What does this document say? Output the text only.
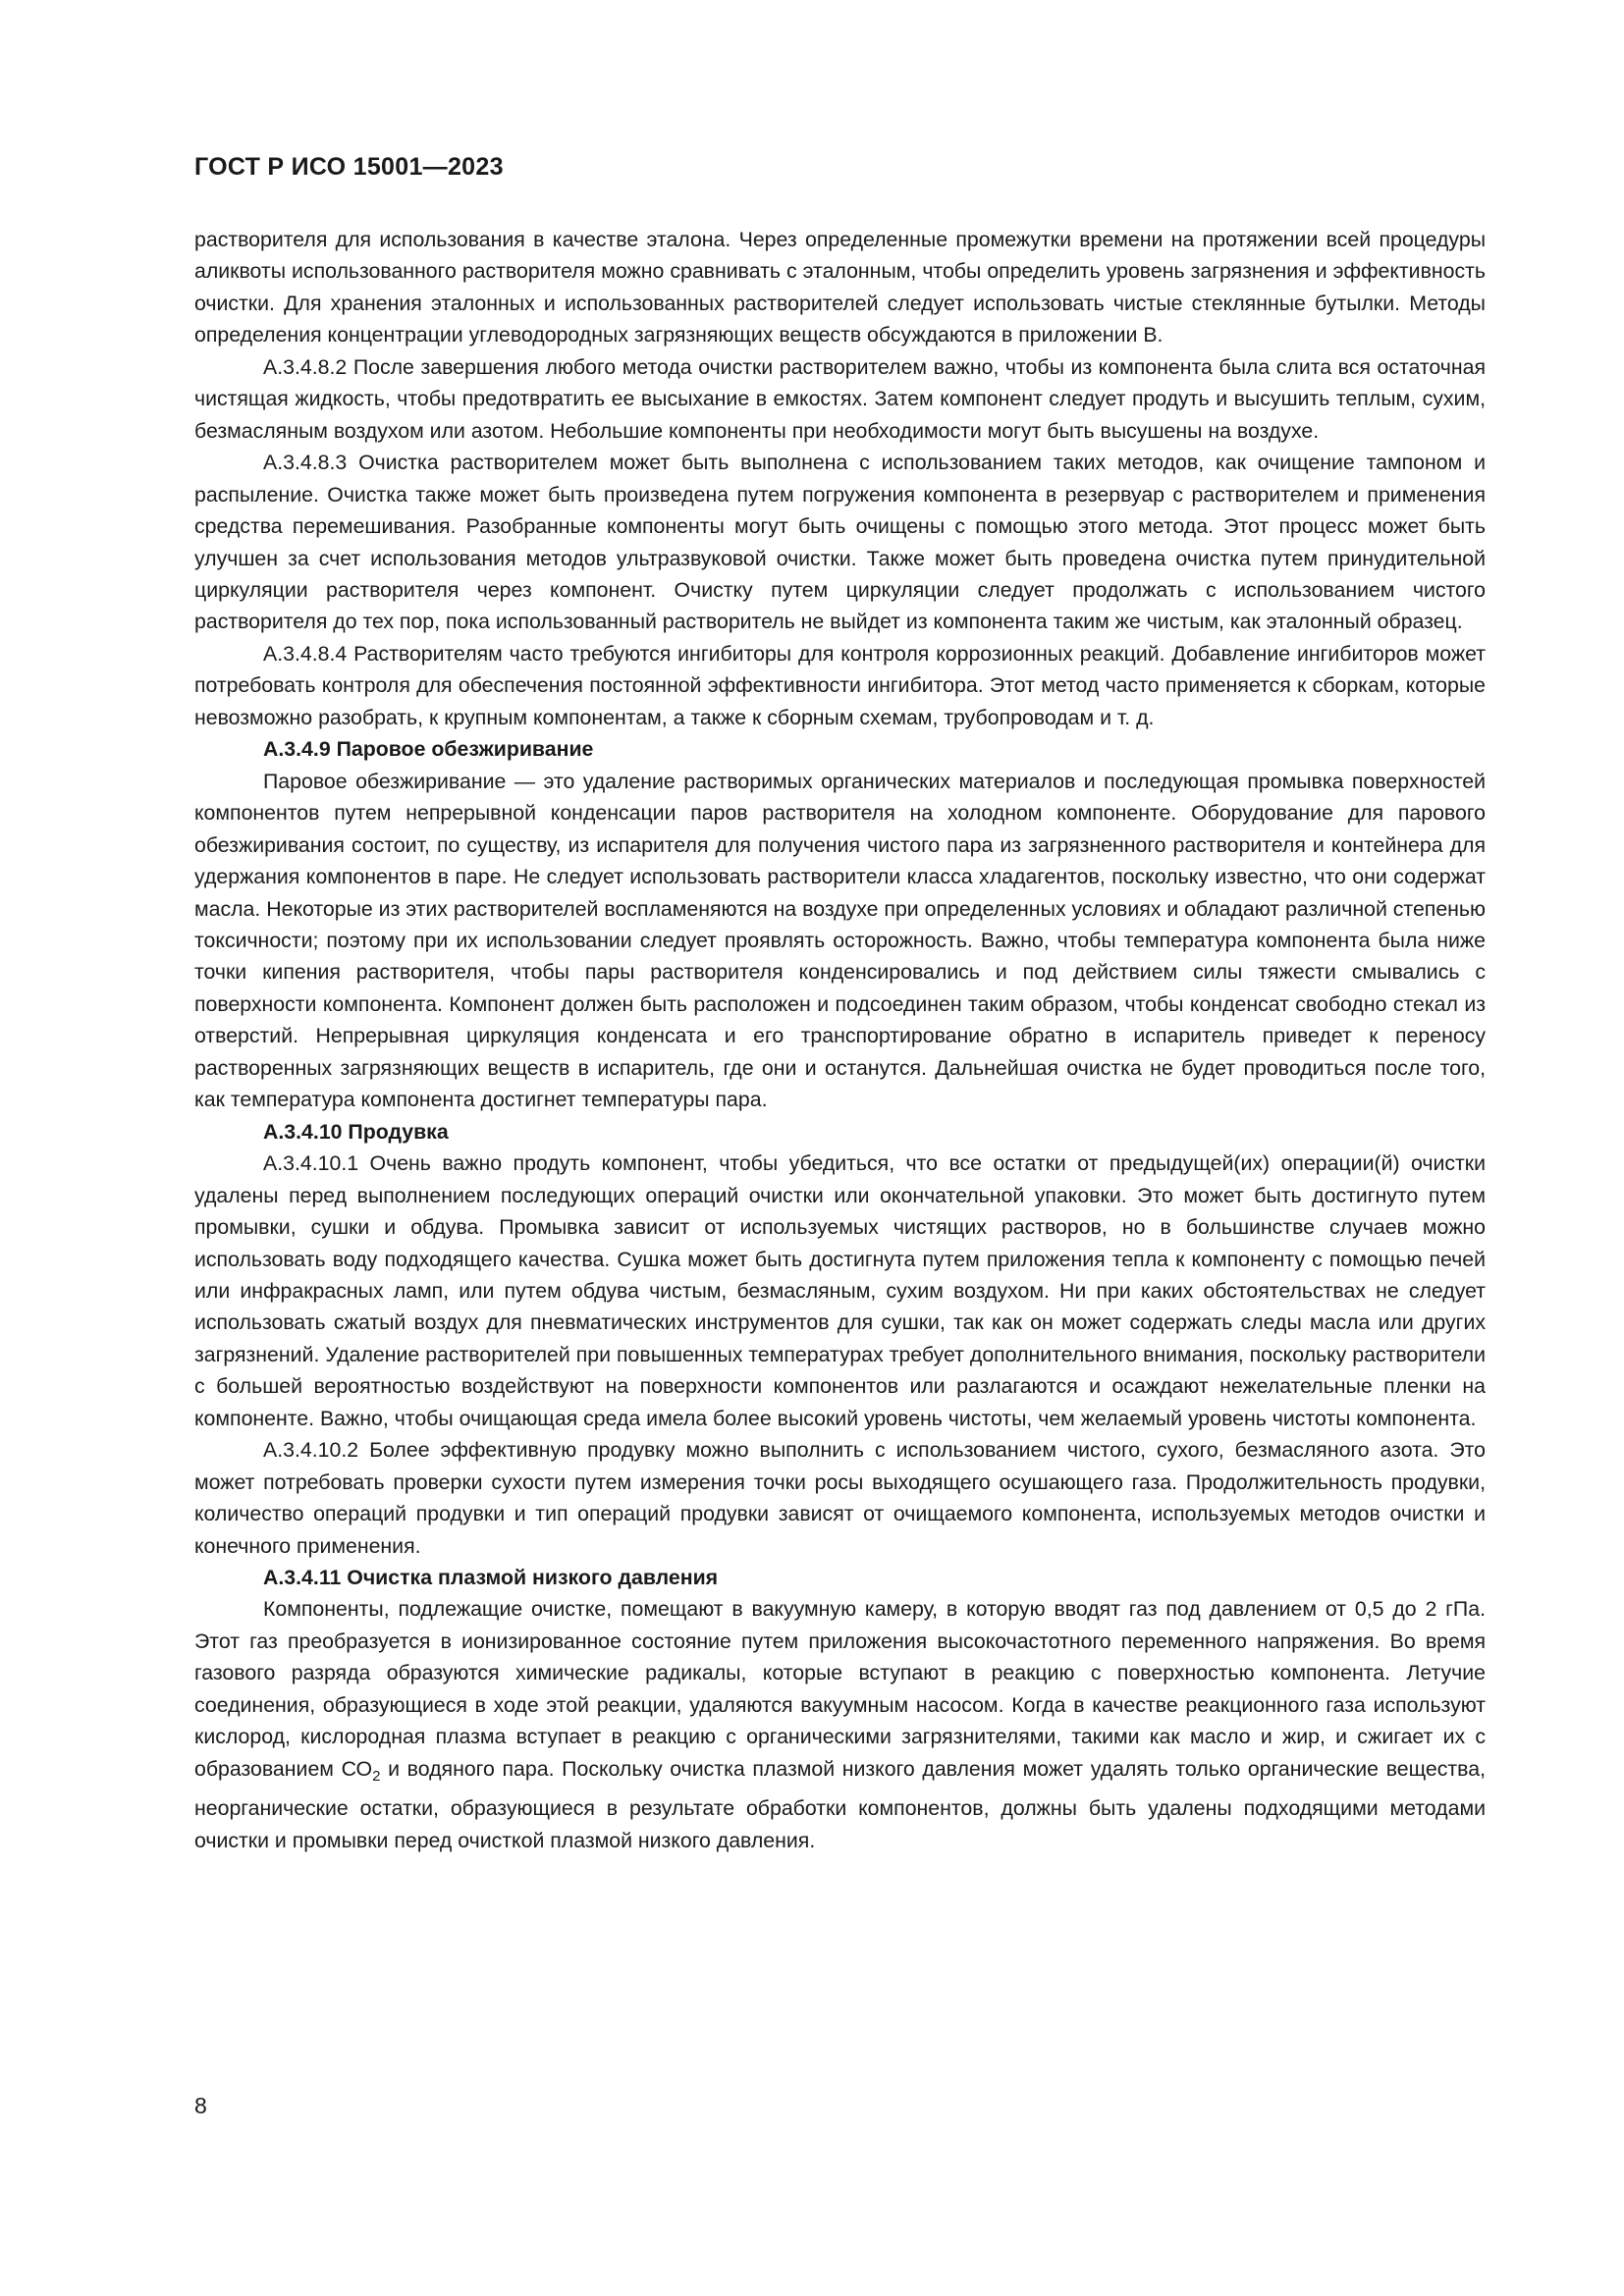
ГОСТ Р ИСО 15001—2023

растворителя для использования в качестве эталона. Через определенные промежутки времени на протяжении всей процедуры аликвоты использованного растворителя можно сравнивать с эталонным, чтобы определить уровень загрязнения и эффективность очистки. Для хранения эталонных и использованных растворителей следует использовать чистые стеклянные бутылки. Методы определения концентрации углеводородных загрязняющих веществ обсуждаются в приложении В.

А.3.4.8.2 После завершения любого метода очистки растворителем важно, чтобы из компонента была слита вся остаточная чистящая жидкость, чтобы предотвратить ее высыхание в емкостях. Затем компонент следует продуть и высушить теплым, сухим, безмасляным воздухом или азотом. Небольшие компоненты при необходимости могут быть высушены на воздухе.

А.3.4.8.3 Очистка растворителем может быть выполнена с использованием таких методов, как очищение тампоном и распыление. Очистка также может быть произведена путем погружения компонента в резервуар с растворителем и применения средства перемешивания. Разобранные компоненты могут быть очищены с помощью этого метода. Этот процесс может быть улучшен за счет использования методов ультразвуковой очистки. Также может быть проведена очистка путем принудительной циркуляции растворителя через компонент. Очистку путем циркуляции следует продолжать с использованием чистого растворителя до тех пор, пока использованный растворитель не выйдет из компонента таким же чистым, как эталонный образец.

А.3.4.8.4 Растворителям часто требуются ингибиторы для контроля коррозионных реакций. Добавление ингибиторов может потребовать контроля для обеспечения постоянной эффективности ингибитора. Этот метод часто применяется к сборкам, которые невозможно разобрать, к крупным компонентам, а также к сборным схемам, трубопроводам и т. д.

А.3.4.9 Паровое обезжиривание

Паровое обезжиривание — это удаление растворимых органических материалов и последующая промывка поверхностей компонентов путем непрерывной конденсации паров растворителя на холодном компоненте. Оборудование для парового обезжиривания состоит, по существу, из испарителя для получения чистого пара из загрязненного растворителя и контейнера для удержания компонентов в паре. Не следует использовать растворители класса хладагентов, поскольку известно, что они содержат масла. Некоторые из этих растворителей воспламеняются на воздухе при определенных условиях и обладают различной степенью токсичности; поэтому при их использовании следует проявлять осторожность. Важно, чтобы температура компонента была ниже точки кипения растворителя, чтобы пары растворителя конденсировались и под действием силы тяжести смывались с поверхности компонента. Компонент должен быть расположен и подсоединен таким образом, чтобы конденсат свободно стекал из отверстий. Непрерывная циркуляция конденсата и его транспортирование обратно в испаритель приведет к переносу растворенных загрязняющих веществ в испаритель, где они и останутся. Дальнейшая очистка не будет проводиться после того, как температура компонента достигнет температуры пара.

А.3.4.10 Продувка

А.3.4.10.1 Очень важно продуть компонент, чтобы убедиться, что все остатки от предыдущей(их) операции(й) очистки удалены перед выполнением последующих операций очистки или окончательной упаковки. Это может быть достигнуто путем промывки, сушки и обдува. Промывка зависит от используемых чистящих растворов, но в большинстве случаев можно использовать воду подходящего качества. Сушка может быть достигнута путем приложения тепла к компоненту с помощью печей или инфракрасных ламп, или путем обдува чистым, безмасляным, сухим воздухом. Ни при каких обстоятельствах не следует использовать сжатый воздух для пневматических инструментов для сушки, так как он может содержать следы масла или других загрязнений. Удаление растворителей при повышенных температурах требует дополнительного внимания, поскольку растворители с большей вероятностью воздействуют на поверхности компонентов или разлагаются и осаждают нежелательные пленки на компоненте. Важно, чтобы очищающая среда имела более высокий уровень чистоты, чем желаемый уровень чистоты компонента.

А.3.4.10.2 Более эффективную продувку можно выполнить с использованием чистого, сухого, безмасляного азота. Это может потребовать проверки сухости путем измерения точки росы выходящего осушающего газа. Продолжительность продувки, количество операций продувки и тип операций продувки зависят от очищаемого компонента, используемых методов очистки и конечного применения.

А.3.4.11 Очистка плазмой низкого давления

Компоненты, подлежащие очистке, помещают в вакуумную камеру, в которую вводят газ под давлением от 0,5 до 2 гПа. Этот газ преобразуется в ионизированное состояние путем приложения высокочастотного переменного напряжения. Во время газового разряда образуются химические радикалы, которые вступают в реакцию с поверхностью компонента. Летучие соединения, образующиеся в ходе этой реакции, удаляются вакуумным насосом. Когда в качестве реакционного газа используют кислород, кислородная плазма вступает в реакцию с органическими загрязнителями, такими как масло и жир, и сжигает их с образованием $СО_2$ и водяного пара. Поскольку очистка плазмой низкого давления может удалять только органические вещества, неорганические остатки, образующиеся в результате обработки компонентов, должны быть удалены подходящими методами очистки и промывки перед очисткой плазмой низкого давления.

8
